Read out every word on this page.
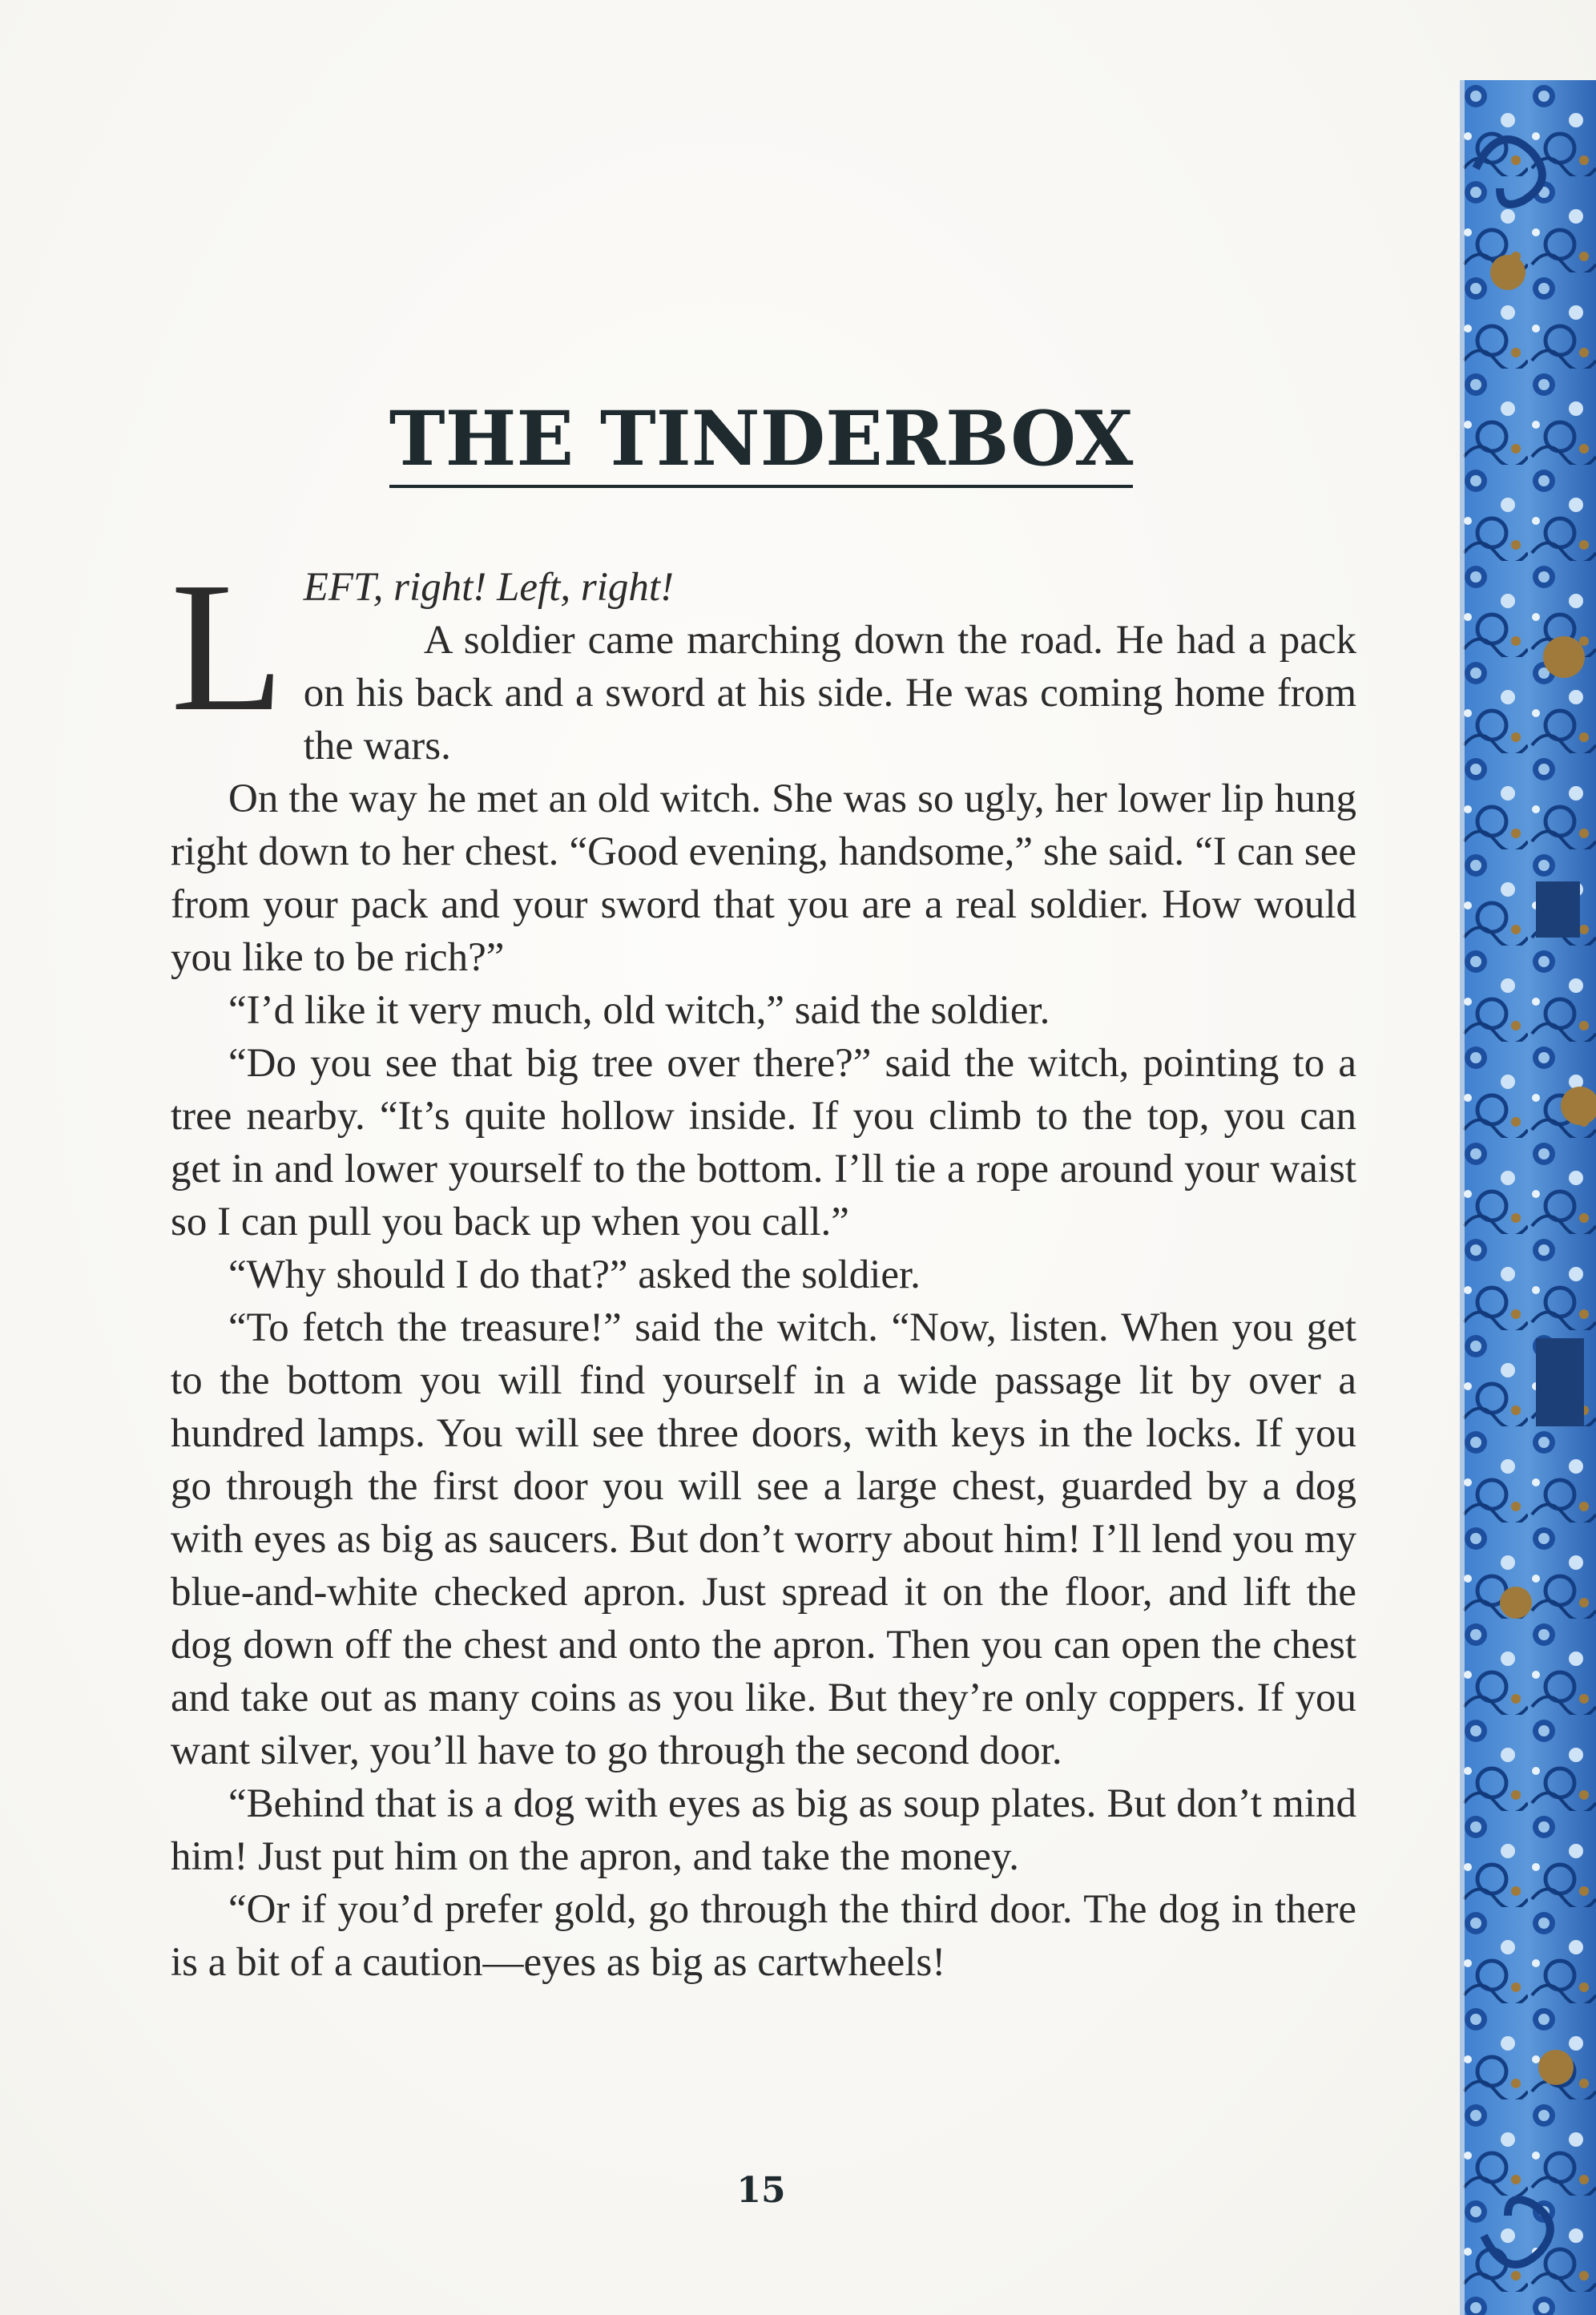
THE TINDERBOX
L EFT, right! Left, right!
A soldier came marching down the road. He had a pack on his back and a sword at his side. He was coming home from the wars.

On the way he met an old witch. She was so ugly, her lower lip hung right down to her chest. “Good evening, handsome,” she said. “I can see from your pack and your sword that you are a real soldier. How would you like to be rich?”

“I’d like it very much, old witch,” said the soldier.

“Do you see that big tree over there?” said the witch, pointing to a tree nearby. “It’s quite hollow inside. If you climb to the top, you can get in and lower yourself to the bottom. I’ll tie a rope around your waist so I can pull you back up when you call.”

“Why should I do that?” asked the soldier.

“To fetch the treasure!” said the witch. “Now, listen. When you get to the bottom you will find yourself in a wide passage lit by over a hundred lamps. You will see three doors, with keys in the locks. If you go through the first door you will see a large chest, guarded by a dog with eyes as big as saucers. But don’t worry about him! I’ll lend you my blue-and-white checked apron. Just spread it on the floor, and lift the dog down off the chest and onto the apron. Then you can open the chest and take out as many coins as you like. But they’re only coppers. If you want silver, you’ll have to go through the second door.

“Behind that is a dog with eyes as big as soup plates. But don’t mind him! Just put him on the apron, and take the money.

“Or if you’d prefer gold, go through the third door. The dog in there is a bit of a caution—eyes as big as cartwheels!

15
